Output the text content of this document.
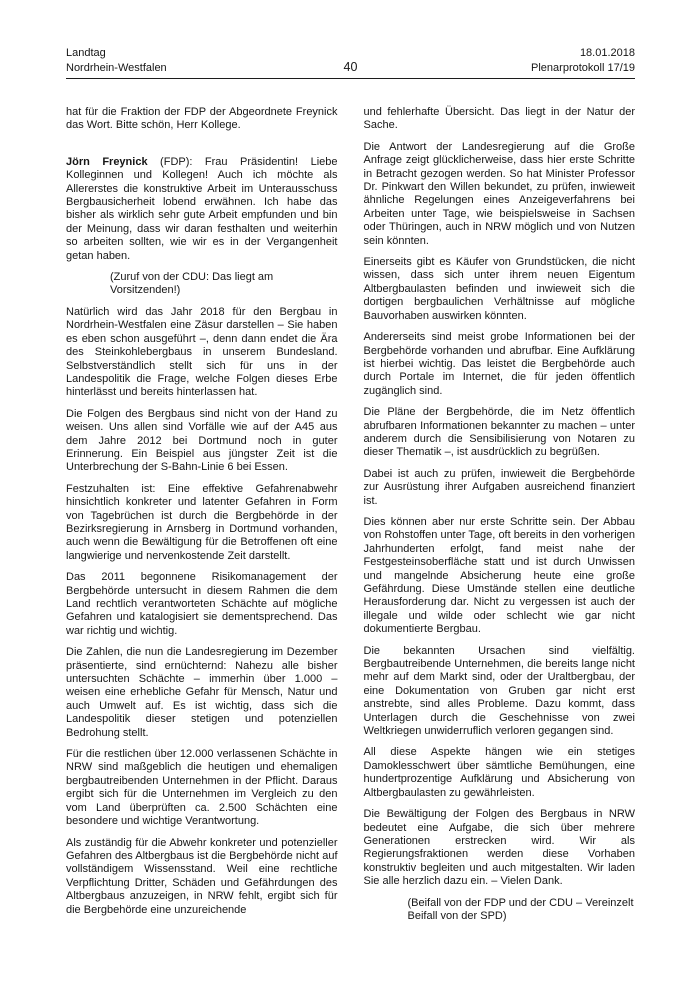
Landtag
Nordrhein-Westfalen	40
18.01.2018
Plenarprotokoll 17/19

hat für die Fraktion der FDP der Abgeordnete Freynick das Wort. Bitte schön, Herr Kollege.

Jörn Freynick (FDP): Frau Präsidentin! Liebe Kolleginnen und Kollegen! Auch ich möchte als Allererstes die konstruktive Arbeit im Unterausschuss Bergbausicherheit lobend erwähnen. Ich habe das bisher als wirklich sehr gute Arbeit empfunden und bin der Meinung, dass wir daran festhalten und weiterhin so arbeiten sollten, wie wir es in der Vergangenheit getan haben.

(Zuruf von der CDU: Das liegt am Vorsitzenden!)

Natürlich wird das Jahr 2018 für den Bergbau in Nordrhein-Westfalen eine Zäsur darstellen – Sie haben es eben schon ausgeführt –, denn dann endet die Ära des Steinkohlebergbaus in unserem Bundesland. Selbstverständlich stellt sich für uns in der Landespolitik die Frage, welche Folgen dieses Erbe hinterlässt und bereits hinterlassen hat.

Die Folgen des Bergbaus sind nicht von der Hand zu weisen. Uns allen sind Vorfälle wie auf der A45 aus dem Jahre 2012 bei Dortmund noch in guter Erinnerung. Ein Beispiel aus jüngster Zeit ist die Unterbrechung der S-Bahn-Linie 6 bei Essen.

Festzuhalten ist: Eine effektive Gefahrenabwehr hinsichtlich konkreter und latenter Gefahren in Form von Tagebrüchen ist durch die Bergbehörde in der Bezirksregierung in Arnsberg in Dortmund vorhanden, auch wenn die Bewältigung für die Betroffenen oft eine langwierige und nervenkostende Zeit darstellt.

Das 2011 begonnene Risikomanagement der Bergbehörde untersucht in diesem Rahmen die dem Land rechtlich verantworteten Schächte auf mögliche Gefahren und katalogisiert sie dementsprechend. Das war richtig und wichtig.

Die Zahlen, die nun die Landesregierung im Dezember präsentierte, sind ernüchternd: Nahezu alle bisher untersuchten Schächte – immerhin über 1.000 – weisen eine erhebliche Gefahr für Mensch, Natur und auch Umwelt auf. Es ist wichtig, dass sich die Landespolitik dieser stetigen und potenziellen Bedrohung stellt.

Für die restlichen über 12.000 verlassenen Schächte in NRW sind maßgeblich die heutigen und ehemaligen bergbautreibenden Unternehmen in der Pflicht. Daraus ergibt sich für die Unternehmen im Vergleich zu den vom Land überprüften ca. 2.500 Schächten eine besondere und wichtige Verantwortung.

Als zuständig für die Abwehr konkreter und potenzieller Gefahren des Altbergbaus ist die Bergbehörde nicht auf vollständigem Wissensstand. Weil eine rechtliche Verpflichtung Dritter, Schäden und Gefährdungen des Altbergbaus anzuzeigen, in NRW fehlt, ergibt sich für die Bergbehörde eine unzureichende

und fehlerhafte Übersicht. Das liegt in der Natur der Sache.

Die Antwort der Landesregierung auf die Große Anfrage zeigt glücklicherweise, dass hier erste Schritte in Betracht gezogen werden. So hat Minister Professor Dr. Pinkwart den Willen bekundet, zu prüfen, inwieweit ähnliche Regelungen eines Anzeigeverfahrens bei Arbeiten unter Tage, wie beispielsweise in Sachsen oder Thüringen, auch in NRW möglich und von Nutzen sein könnten.

Einerseits gibt es Käufer von Grundstücken, die nicht wissen, dass sich unter ihrem neuen Eigentum Altbergbaulasten befinden und inwieweit sich die dortigen bergbaulichen Verhältnisse auf mögliche Bauvorhaben auswirken könnten.

Andererseits sind meist grobe Informationen bei der Bergbehörde vorhanden und abrufbar. Eine Aufklärung ist hierbei wichtig. Das leistet die Bergbehörde auch durch Portale im Internet, die für jeden öffentlich zugänglich sind.

Die Pläne der Bergbehörde, die im Netz öffentlich abrufbaren Informationen bekannter zu machen – unter anderem durch die Sensibilisierung von Notaren zu dieser Thematik –, ist ausdrücklich zu begrüßen.

Dabei ist auch zu prüfen, inwieweit die Bergbehörde zur Ausrüstung ihrer Aufgaben ausreichend finanziert ist.

Dies können aber nur erste Schritte sein. Der Abbau von Rohstoffen unter Tage, oft bereits in den vorherigen Jahrhunderten erfolgt, fand meist nahe der Festgesteinsoberfläche statt und ist durch Unwissen und mangelnde Absicherung heute eine große Gefährdung. Diese Umstände stellen eine deutliche Herausforderung dar. Nicht zu vergessen ist auch der illegale und wilde oder schlecht wie gar nicht dokumentierte Bergbau.

Die bekannten Ursachen sind vielfältig. Bergbautreibende Unternehmen, die bereits lange nicht mehr auf dem Markt sind, oder der Uraltbergbau, der eine Dokumentation von Gruben gar nicht erst anstrebte, sind alles Probleme. Dazu kommt, dass Unterlagen durch die Geschehnisse von zwei Weltkriegen unwiderruflich verloren gegangen sind.

All diese Aspekte hängen wie ein stetiges Damoklesschwert über sämtliche Bemühungen, eine hundertprozentige Aufklärung und Absicherung von Altbergbaulasten zu gewährleisten.

Die Bewältigung der Folgen des Bergbaus in NRW bedeutet eine Aufgabe, die sich über mehrere Generationen erstrecken wird. Wir als Regierungsfraktionen werden diese Vorhaben konstruktiv begleiten und auch mitgestalten. Wir laden Sie alle herzlich dazu ein. – Vielen Dank.

(Beifall von der FDP und der CDU – Vereinzelt Beifall von der SPD)
